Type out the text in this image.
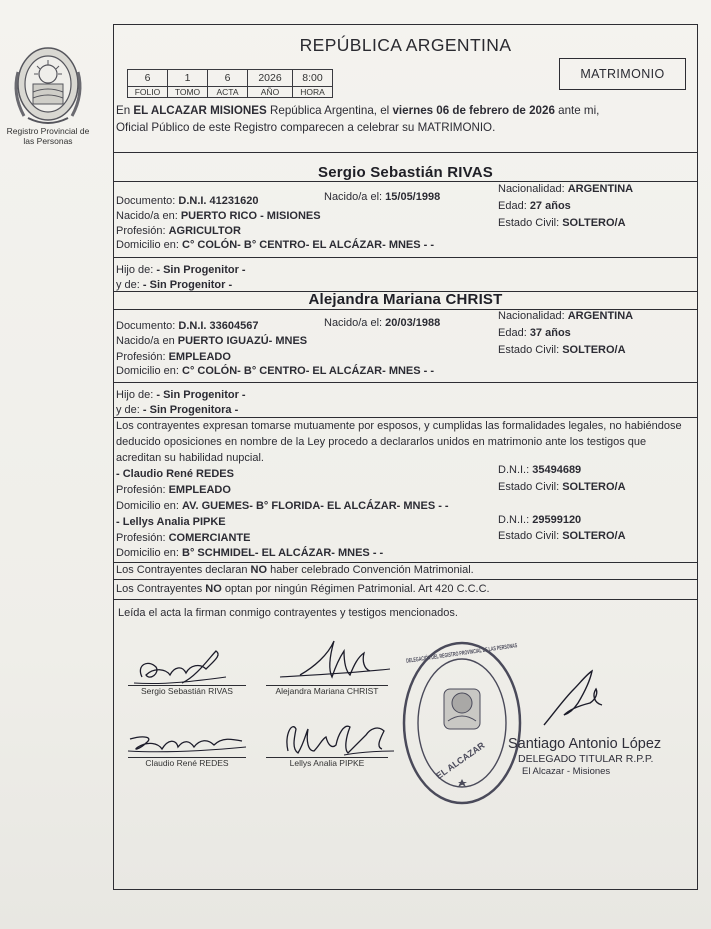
Registro Provincial de las Personas
REPÚBLICA ARGENTINA
6	1	6	2026	8:00
FOLIO	TOMO	ACTA	AÑO	HORA
MATRIMONIO
En EL ALCAZAR MISIONES República Argentina, el viernes 06 de febrero de 2026 ante mi,
Oficial Público de este Registro comparecen a celebrar su MATRIMONIO.
Sergio Sebastián RIVAS
Documento: D.N.I. 41231620	Nacido/a el: 15/05/1998
Nacionalidad: ARGENTINA
Edad: 27 años
Estado Civil: SOLTERO/A
Nacido/a en: PUERTO RICO - MISIONES
Profesión: AGRICULTOR
Domicilio en: C° COLÓN- B° CENTRO- EL ALCÁZAR- MNES - -
Hijo de: - Sin Progenitor -
y de: - Sin Progenitor -
Alejandra Mariana CHRIST
Documento: D.N.I. 33604567	Nacido/a el: 20/03/1988
Nacionalidad: ARGENTINA
Edad: 37 años
Estado Civil: SOLTERO/A
Nacido/a en PUERTO IGUAZÚ- MNES
Profesión: EMPLEADO
Domicilio en: C° COLÓN- B° CENTRO- EL ALCÁZAR- MNES - -
Hijo de: - Sin Progenitor -
y de: - Sin Progenitora -
Los contrayentes expresan tomarse mutuamente por esposos, y cumplidas las formalidades legales, no habiéndose deducido oposiciones en nombre de la Ley procedo a declararlos unidos en matrimonio ante los testigos que acreditan su habilidad nupcial.
- Claudio René REDES	D.N.I.: 35494689
Profesión: EMPLEADO	Estado Civil: SOLTERO/A
Domicilio en: AV. GUEMES- B° FLORIDA- EL ALCÁZAR- MNES - -
- Lellys Analia PIPKE	D.N.I.: 29599120
Profesión: COMERCIANTE	Estado Civil: SOLTERO/A
Domicilio en: B° SCHMIDEL- EL ALCÁZAR- MNES - -
Los Contrayentes declaran NO haber celebrado Convención Matrimonial.
Los Contrayentes NO optan por ningún Régimen Patrimonial. Art 420 C.C.C.
Leída el acta la firman conmigo contrayentes y testigos mencionados.
Sergio Sebastián RIVAS	Alejandra Mariana CHRIST
Claudio René REDES	Lellys Analia PIPKE
DELEGACIÓN DEL REGISTRO PROVINCIAL DE LAS PERSONAS
EL ALCAZAR Santiago Antonio López
DELEGADO TITULAR R.P.P.
El Alcazar - Misiones
